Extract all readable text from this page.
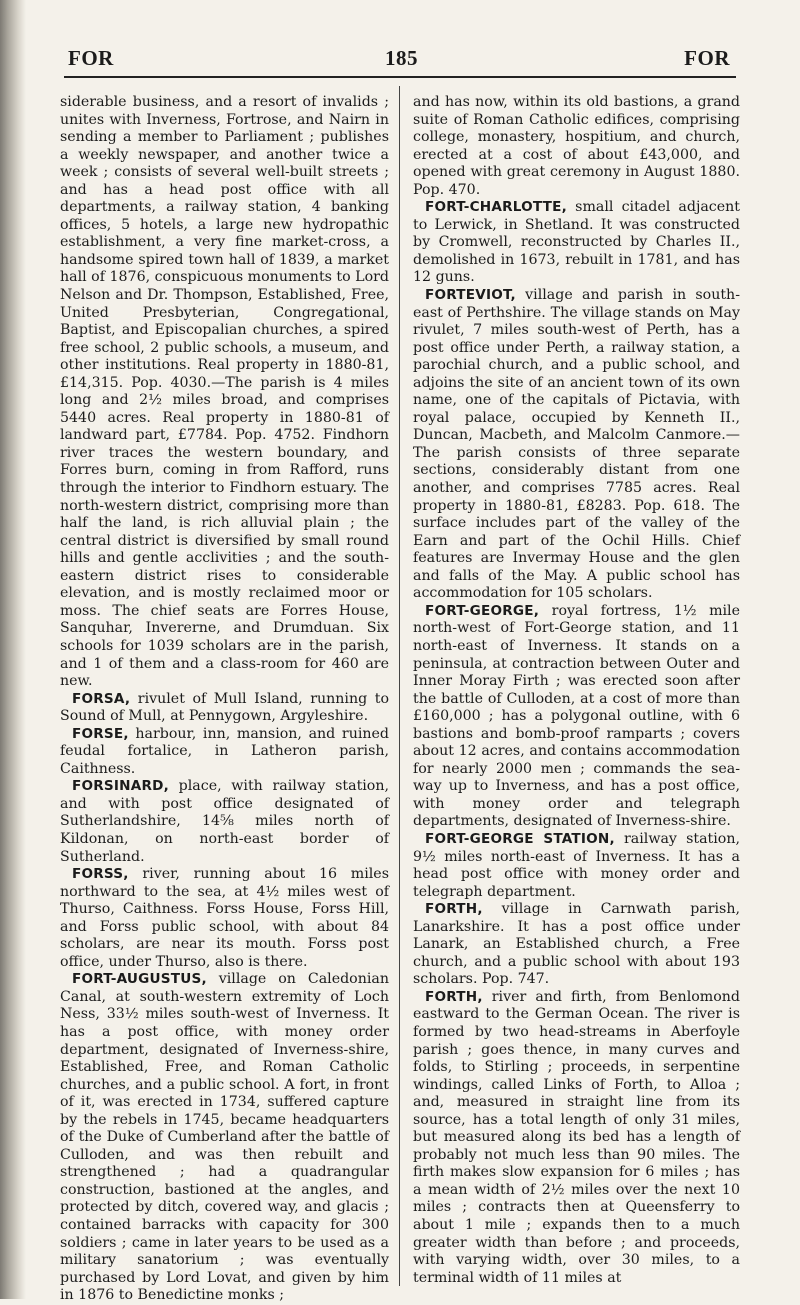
FOR	185	FOR

siderable business, and a resort of invalids ; unites with Inverness, Fortrose, and Nairn in sending a member to Parliament ; publishes a weekly newspaper, and another twice a week ; consists of several well-built streets ; and has a head post office with all departments, a railway station, 4 banking offices, 5 hotels, a large new hydropathic establishment, a very fine market-cross, a handsome spired town hall of 1839, a market hall of 1876, conspicuous monuments to Lord Nelson and Dr. Thompson, Established, Free, United Presbyterian, Congregational, Baptist, and Episcopalian churches, a spired free school, 2 public schools, a museum, and other institutions. Real property in 1880-81, £14,315. Pop. 4030.—The parish is 4 miles long and 2½ miles broad, and comprises 5440 acres. Real property in 1880-81 of landward part, £7784. Pop. 4752. Findhorn river traces the western boundary, and Forres burn, coming in from Rafford, runs through the interior to Findhorn estuary. The north-western district, comprising more than half the land, is rich alluvial plain ; the central district is diversified by small round hills and gentle acclivities ; and the south-eastern district rises to considerable elevation, and is mostly reclaimed moor or moss. The chief seats are Forres House, Sanquhar, Invererne, and Drumduan. Six schools for 1039 scholars are in the parish, and 1 of them and a class-room for 460 are new.

FORSA, rivulet of Mull Island, running to Sound of Mull, at Pennygown, Argyleshire.

FORSE, harbour, inn, mansion, and ruined feudal fortalice, in Latheron parish, Caithness.

FORSINARD, place, with railway station, and with post office designated of Sutherlandshire, 14⅝ miles north of Kildonan, on north-east border of Sutherland.

FORSS, river, running about 16 miles northward to the sea, at 4½ miles west of Thurso, Caithness. Forss House, Forss Hill, and Forss public school, with about 84 scholars, are near its mouth. Forss post office, under Thurso, also is there.

FORT-AUGUSTUS, village on Caledonian Canal, at south-western extremity of Loch Ness, 33½ miles south-west of Inverness. It has a post office, with money order department, designated of Inverness-shire, Established, Free, and Roman Catholic churches, and a public school. A fort, in front of it, was erected in 1734, suffered capture by the rebels in 1745, became headquarters of the Duke of Cumberland after the battle of Culloden, and was then rebuilt and strengthened ; had a quadrangular construction, bastioned at the angles, and protected by ditch, covered way, and glacis ; contained barracks with capacity for 300 soldiers ; came in later years to be used as a military sanatorium ; was eventually purchased by Lord Lovat, and given by him in 1876 to Benedictine monks ;

and has now, within its old bastions, a grand suite of Roman Catholic edifices, comprising college, monastery, hospitium, and church, erected at a cost of about £43,000, and opened with great ceremony in August 1880. Pop. 470.

FORT-CHARLOTTE, small citadel adjacent to Lerwick, in Shetland. It was constructed by Cromwell, reconstructed by Charles II., demolished in 1673, rebuilt in 1781, and has 12 guns.

FORTEVIOT, village and parish in south-east of Perthshire. The village stands on May rivulet, 7 miles south-west of Perth, has a post office under Perth, a railway station, a parochial church, and a public school, and adjoins the site of an ancient town of its own name, one of the capitals of Pictavia, with royal palace, occupied by Kenneth II., Duncan, Macbeth, and Malcolm Canmore.—The parish consists of three separate sections, considerably distant from one another, and comprises 7785 acres. Real property in 1880-81, £8283. Pop. 618. The surface includes part of the valley of the Earn and part of the Ochil Hills. Chief features are Invermay House and the glen and falls of the May. A public school has accommodation for 105 scholars.

FORT-GEORGE, royal fortress, 1½ mile north-west of Fort-George station, and 11 north-east of Inverness. It stands on a peninsula, at contraction between Outer and Inner Moray Firth ; was erected soon after the battle of Culloden, at a cost of more than £160,000 ; has a polygonal outline, with 6 bastions and bomb-proof ramparts ; covers about 12 acres, and contains accommodation for nearly 2000 men ; commands the sea-way up to Inverness, and has a post office, with money order and telegraph departments, designated of Inverness-shire.

FORT-GEORGE STATION, railway station, 9½ miles north-east of Inverness. It has a head post office with money order and telegraph department.

FORTH, village in Carnwath parish, Lanarkshire. It has a post office under Lanark, an Established church, a Free church, and a public school with about 193 scholars. Pop. 747.

FORTH, river and firth, from Benlomond eastward to the German Ocean. The river is formed by two head-streams in Aberfoyle parish ; goes thence, in many curves and folds, to Stirling ; proceeds, in serpentine windings, called Links of Forth, to Alloa ; and, measured in straight line from its source, has a total length of only 31 miles, but measured along its bed has a length of probably not much less than 90 miles. The firth makes slow expansion for 6 miles ; has a mean width of 2½ miles over the next 10 miles ; contracts then at Queensferry to about 1 mile ; expands then to a much greater width than before ; and proceeds, with varying width, over 30 miles, to a terminal width of 11 miles at
